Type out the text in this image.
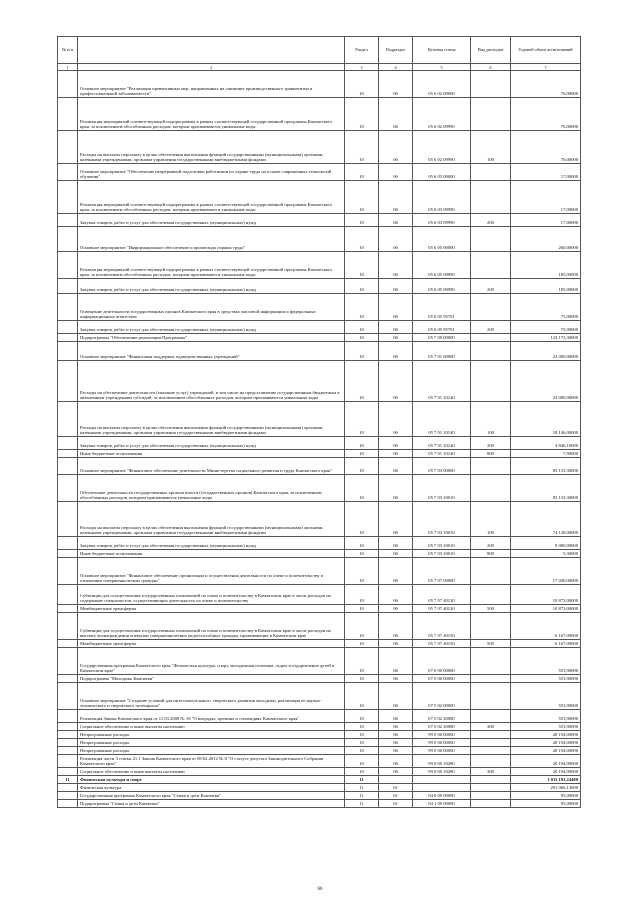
№ п/п		Раздел	Подраздел	Целевая статья	Вид расходов	Годовой объем ассигнований
1	2	3	4	5	6	7
	Основное мероприятие "Реализация превентивных мер, направленных на снижение производственного травматизма и профессиональной заболеваемости"	10	06	05 6 02 00000		76,00000
	Реализация мероприятий соответствующей подпрограммы в рамках соответствующей государственной программы Камчатского края, за исключением обособленных расходов, которым присваиваются уникальные коды	10	06	05 6 02 09990		76,00000
	Расходы на выплаты персоналу в целях обеспечения выполнения функций государственными (муниципальными) органами, казенными учреждениями, органами управления государственными внебюджетными фондами	10	06	05 6 02 09990	100	76,00000
	Основное мероприятие "Обеспечение непрерывной подготовки работников по охране труда на основе современных технологий обучения"	10	06	05 6 03 00000		17,00000
	Реализация мероприятий соответствующей подпрограммы в рамках соответствующей государственной программы Камчатского края, за исключением обособленных расходов, которым присваиваются уникальные коды	10	06	05 6 03 09990		17,00000
	Закупка товаров, работ и услуг для обеспечения государственных (муниципальных) нужд	10	06	05 6 03 09990	200	17,00000
	Основное мероприятие "Информационное обеспечение и пропаганда охраны труда"	10	06	05 6 05 00000		260,00000
	Реализация мероприятий соответствующей подпрограммы в рамках соответствующей государственной программы Камчатского края, за исключением обособленных расходов, которым присваиваются уникальные коды	10	06	05 6 05 09990		185,00000
	Закупка товаров, работ и услуг для обеспечения государственных (муниципальных) нужд	10	06	05 6 05 09990	200	185,00000
	Освещение деятельности государственных органов Камчатского края в средствах массовой информации и федеральных информационных агентствах	10	06	05 6 05 95701		75,00000
	Закупка товаров, работ и услуг для обеспечения государственных (муниципальных) нужд	10	06	05 6 05 95701	200	75,00000
	Подпрограмма "Обеспечение реализации Программы"	10	06	05 7 00 00000		123 173,30000
	Основное мероприятие "Финансовая поддержка подведомственных учреждений"	10	06	05 7 01 00000		23 000,00000
	Расходы на обеспечение деятельности (оказание услуг) учреждений, в том числе на предоставление государственным бюджетным и автономным учреждениям субсидий, за исключением обособленных расходов, которым присваиваются уникальные коды	10	06	05 7 01 10140		23 000,00000
	Расходы на выплаты персоналу в целях обеспечения выполнения функций государственными (муниципальными) органами, казенными учреждениями, органами управления государственными внебюджетными фондами	10	06	05 7 01 10140	100	18 146,00000
	Закупка товаров, работ и услуг для обеспечения государственных (муниципальных) нужд	10	06	05 7 01 10140	200	4 846,10000
	Иные бюджетные ассигнования	10	06	05 7 01 10140	800	7,90000
	Основное мероприятие "Финансовое обеспечение деятельности Министерства социального развития и труда Камчатского края"	10	06	05 7 03 00000		83 133,30000
	Обеспечение деятельности государственных органов власти (государственных органов) Камчатского края, за исключением обособленных расходов, которым присваиваются уникальные коды	10	06	05 7 03 10010		83 133,30000
	Расходы на выплаты персоналу в целях обеспечения выполнения функций государственными (муниципальными) органами, казенными учреждениями, органами управления государственными внебюджетными фондами	10	06	05 7 03 10010	100	74 128,00000
	Закупка товаров, работ и услуг для обеспечения государственных (муниципальных) нужд	10	06	05 7 03 10010	200	9 000,00000
	Иные бюджетные ассигнования	10	06	05 7 03 10010	800	5,30000
	Основное мероприятие "Финансовое обеспечение организации и осуществления деятельности по опеке и попечительству в отношении совершеннолетних граждан"	10	06	05 7 07 00000		17 040,00000
	Субвенции для осуществления государственных полномочий по опеке и попечительству в Камчатском крае в части расходов на содержание специалистов, осуществляющих деятельность по опеке и попечительству	10	06	05 7 07 40120		10 873,00000
	Межбюджетные трансферты	10	06	05 7 07 40120	500	10 873,00000
	Субвенции для осуществления государственных полномочий по опеке и попечительству в Камчатском крае в части расходов на выплату вознаграждения опекунам совершеннолетних недееспособных граждан, проживающих в Камчатском крае	10	06	05 7 07 40150		6 167,00000
	Межбюджетные трансферты	10	06	05 7 07 40150	500	6 167,00000
	Государственная программа Камчатского края "Физическая культура, спорт, молодежная политика, отдых и оздоровление детей в Камчатском крае"	10	06	07 0 00 00000		553,90000
	Подпрограмма "Молодежь Камчатки"	10	06	07 5 00 00000		553,90000
	Основное мероприятие "Создание условий для интеллектуального, творческого развития молодежи, реализация ее научно-технического и творческого потенциала"	10	06	07 5 02 00000		553,90000
	Реализация Закона Камчатского края от 11.03.2008 № 18 "О наградах, премиях и стипендиях Камчатского края"	10	06	07 5 02 20080		553,90000
	Социальное обеспечение и иные выплаты населению	10	06	07 5 02 20080	300	553,90000
	Непрограммные расходы	10	06	99 0 00 00000		20 194,00000
	Непрограммные расходы	10	06	99 0 00 00000		20 194,00000
	Непрограммные расходы	10	06	99 0 00 00000		20 194,00000
	Реализация части 3 статьи 21.1 Закона Камчатского края от 08.02.2012 № 8 "О статусе депутата Законодательного Собрания Камчатского края"	10	06	99 0 00 10280		20 194,00000
	Социальное обеспечение и иные выплаты населению	10	06	99 0 00 10280	300	20 194,00000
11	Физическая культура и спорт	11				1 011 193,24400
	Физическая культура	11	01			291 066,13000
	Государственная программа Камчатского края "Семья и дети Камчатки"	11	01	04 0 00 00000		95,00000
	Подпрограмма "Семья и дети Камчатки"	11	01	04 1 00 00000		95,00000
66
